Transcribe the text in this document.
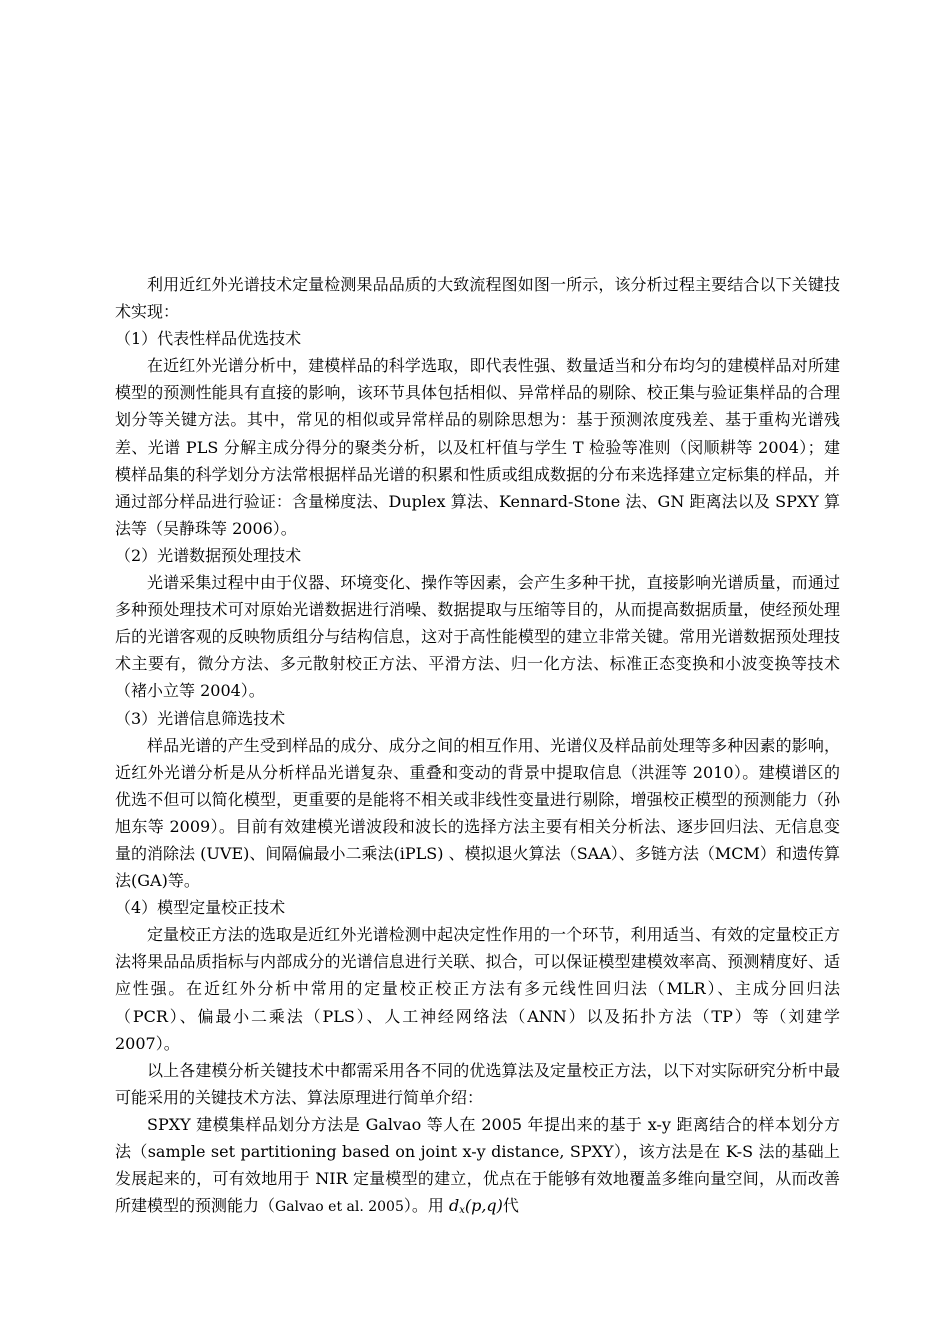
利用近红外光谱技术定量检测果品品质的大致流程图如图一所示，该分析过程主要结合以下关键技术实现：

（1）代表性样品优选技术

在近红外光谱分析中，建模样品的科学选取，即代表性强、数量适当和分布均匀的建模样品对所建模型的预测性能具有直接的影响，该环节具体包括相似、异常样品的剔除、校正集与验证集样品的合理划分等关键方法。其中，常见的相似或异常样品的剔除思想为：基于预测浓度残差、基于重构光谱残差、光谱 PLS 分解主成分得分的聚类分析，以及杠杆值与学生 T 检验等准则（闵顺耕等 2004）；建模样品集的科学划分方法常根据样品光谱的积累和性质或组成数据的分布来选择建立定标集的样品，并通过部分样品进行验证：含量梯度法、Duplex 算法、Kennard-Stone 法、GN 距离法以及 SPXY 算法等（吴静珠等 2006）。

（2）光谱数据预处理技术

光谱采集过程中由于仪器、环境变化、操作等因素，会产生多种干扰，直接影响光谱质量，而通过多种预处理技术可对原始光谱数据进行消噪、数据提取与压缩等目的，从而提高数据质量，使经预处理后的光谱客观的反映物质组分与结构信息，这对于高性能模型的建立非常关键。常用光谱数据预处理技术主要有，微分方法、多元散射校正方法、平滑方法、归一化方法、标准正态变换和小波变换等技术（褚小立等 2004）。

（3）光谱信息筛选技术

样品光谱的产生受到样品的成分、成分之间的相互作用、光谱仪及样品前处理等多种因素的影响，近红外光谱分析是从分析样品光谱复杂、重叠和变动的背景中提取信息（洪涯等 2010）。建模谱区的优选不但可以简化模型，更重要的是能将不相关或非线性变量进行剔除，增强校正模型的预测能力（孙旭东等 2009）。目前有效建模光谱波段和波长的选择方法主要有相关分析法、逐步回归法、无信息变量的消除法 (UVE)、间隔偏最小二乘法(iPLS) 、模拟退火算法（SAA）、多链方法（MCM）和遗传算法(GA)等。

（4）模型定量校正技术

定量校正方法的选取是近红外光谱检测中起决定性作用的一个环节，利用适当、有效的定量校正方法将果品品质指标与内部成分的光谱信息进行关联、拟合，可以保证模型建模效率高、预测精度好、适应性强。在近红外分析中常用的定量校正校正方法有多元线性回归法（MLR）、主成分回归法（PCR）、偏最小二乘法（PLS）、人工神经网络法（ANN）以及拓扑方法（TP）等（刘建学 2007）。

以上各建模分析关键技术中都需采用各不同的优选算法及定量校正方法，以下对实际研究分析中最可能采用的关键技术方法、算法原理进行简单介绍：

SPXY 建模集样品划分方法是 Galvao 等人在 2005 年提出来的基于 x-y 距离结合的样本划分方法（sample set partitioning based on joint x-y distance, SPXY），该方法是在 K-S 法的基础上发展起来的，可有效地用于 NIR 定量模型的建立，优点在于能够有效地覆盖多维向量空间，从而改善所建模型的预测能力（Galvao et al. 2005）。用 $d_x(p,q)$代
